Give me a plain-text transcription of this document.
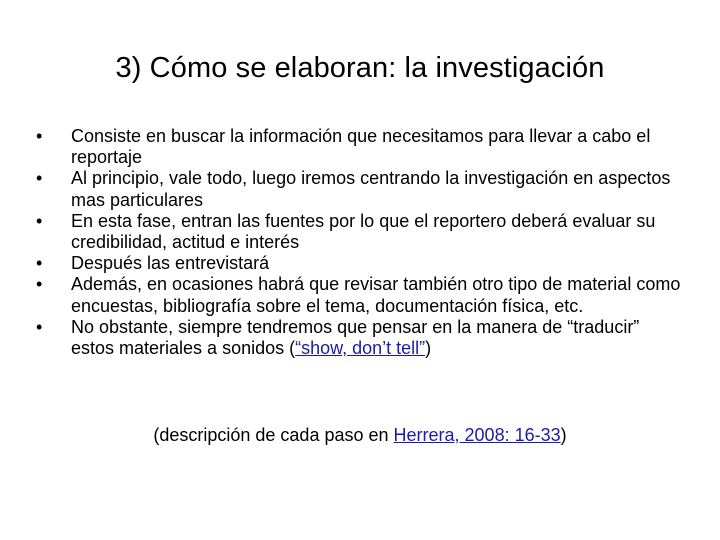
3) Cómo se elaboran: la investigación
•	Consiste en buscar la información que necesitamos para llevar a cabo el reportaje
•	Al principio, vale todo, luego iremos centrando la investigación en aspectos mas particulares
•	En esta fase, entran las fuentes por lo que el reportero deberá evaluar su credibilidad, actitud e interés
•	Después las entrevistará
•	Además, en ocasiones habrá que revisar también otro tipo de material como encuestas, bibliografía sobre el tema, documentación física, etc.
•	No obstante, siempre tendremos que pensar en la manera de “traducir” estos materiales a sonidos (“show, don’t tell”)
(descripción de cada paso en Herrera, 2008: 16-33)
